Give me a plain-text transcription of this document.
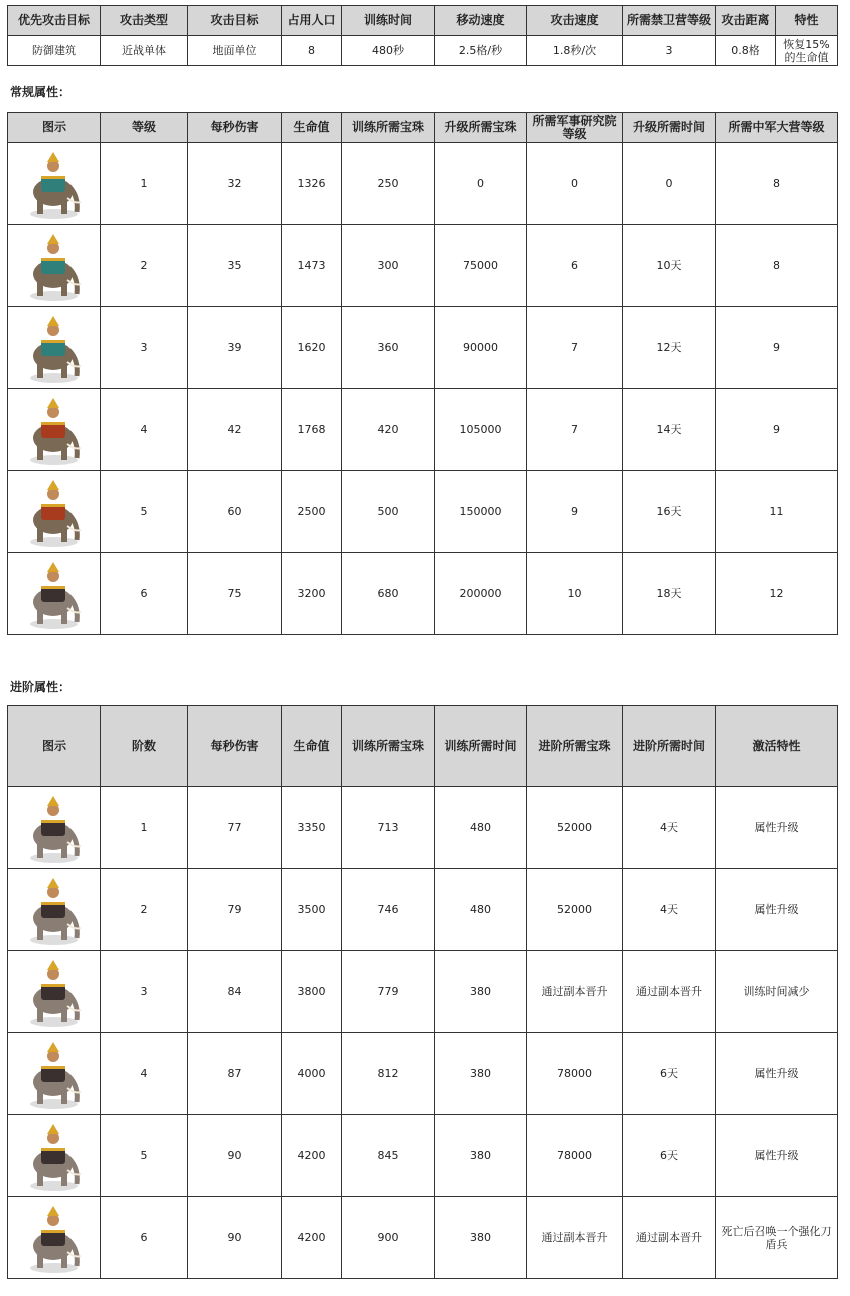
优先攻击目标	攻击类型	攻击目标	占用人口	训练时间	移动速度	攻击速度	所需禁卫营等级	攻击距离	特性
防御建筑	近战单体	地面单位	8	480秒	2.5格/秒	1.8秒/次	3	0.8格	恢复15%的生命值
常规属性：
图示	等级	每秒伤害	生命值	训练所需宝珠	升级所需宝珠	所需军事研究院等级	升级所需时间	所需中军大营等级

	1	32	1326	250	0	0	0	8

	2	35	1473	300	75000	6	10天	8

	3	39	1620	360	90000	7	12天	9

	4	42	1768	420	105000	7	14天	9

	5	60	2500	500	150000	9	16天	11

	6	75	3200	680	200000	10	18天	12
进阶属性：
图示	阶数	每秒伤害	生命值	训练所需宝珠	训练所需时间	进阶所需宝珠	进阶所需时间	激活特性

	1	77	3350	713	480	52000	4天	属性升级

	2	79	3500	746	480	52000	4天	属性升级

	3	84	3800	779	380	通过副本晋升	通过副本晋升	训练时间减少

	4	87	4000	812	380	78000	6天	属性升级

	5	90	4200	845	380	78000	6天	属性升级

	6	90	4200	900	380	通过副本晋升	通过副本晋升	死亡后召唤一个强化刀盾兵
